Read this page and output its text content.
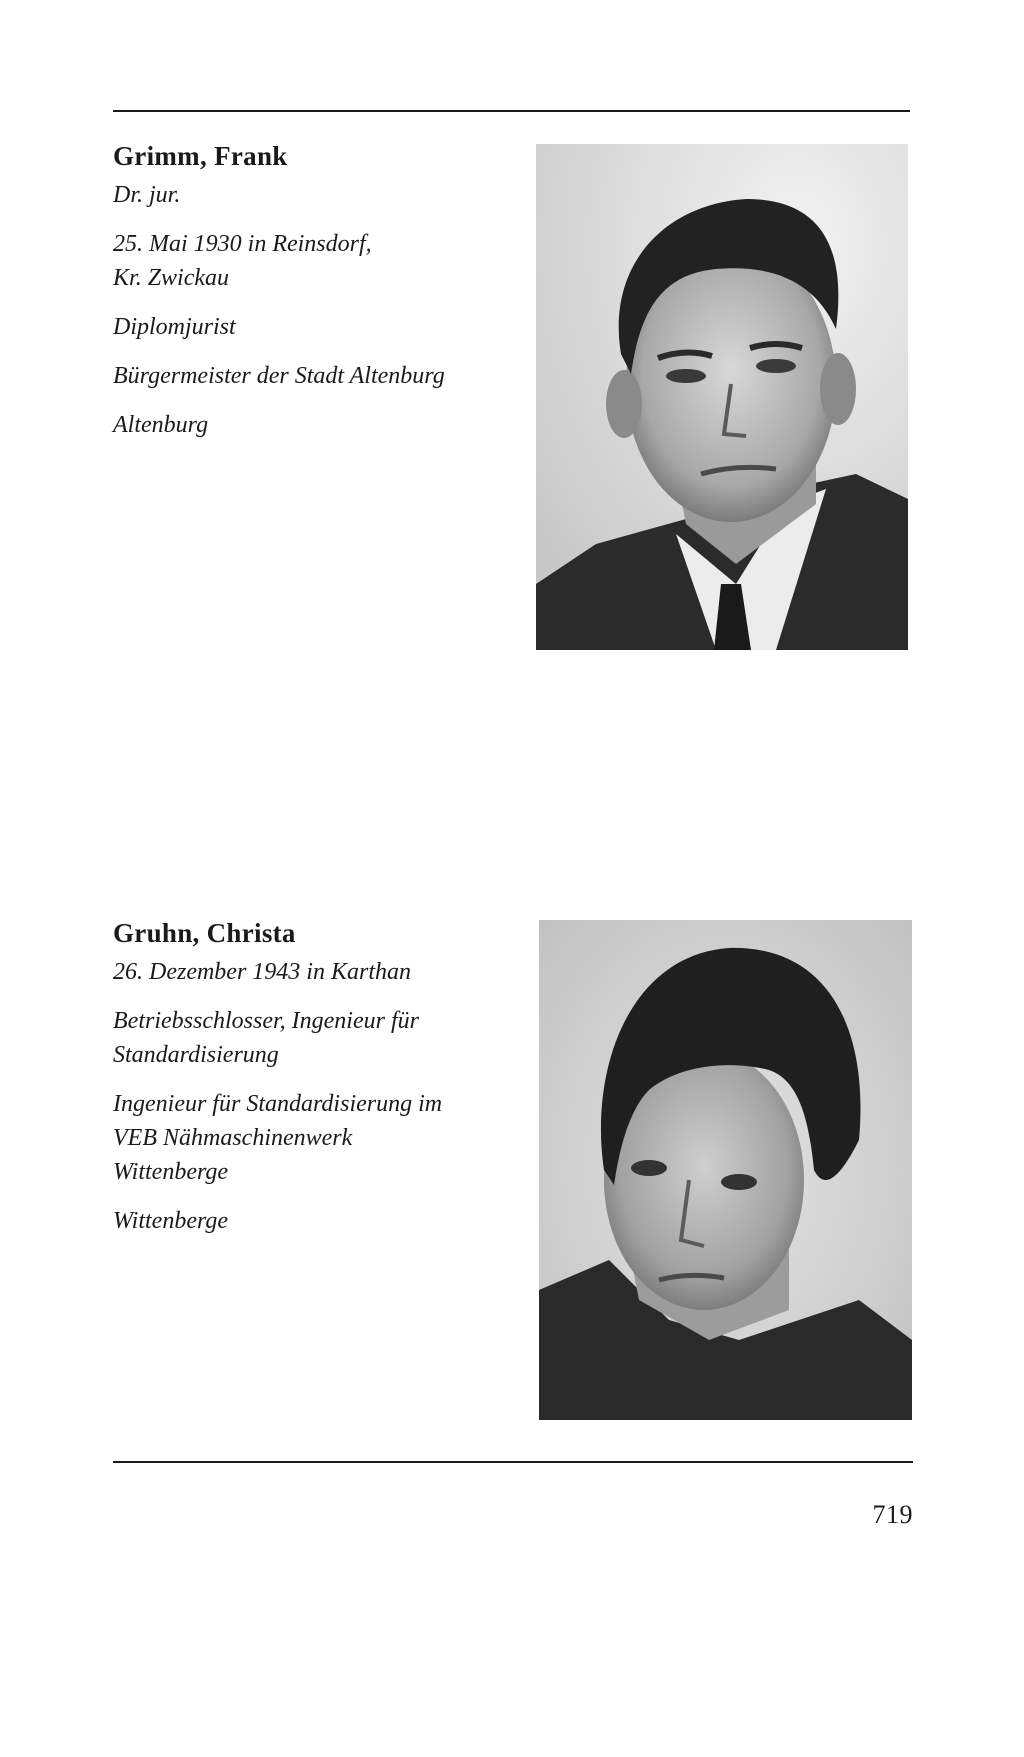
Grimm, Frank
Dr. jur.
25. Mai 1930 in Reinsdorf,
Kr. Zwickau
Diplomjurist
Bürgermeister der Stadt Altenburg
Altenburg
Gruhn, Christa
26. Dezember 1943 in Karthan
Betriebsschlosser, Ingenieur für
Standardisierung
Ingenieur für Standardisierung im
VEB Nähmaschinenwerk
Wittenberge
Wittenberge
719
